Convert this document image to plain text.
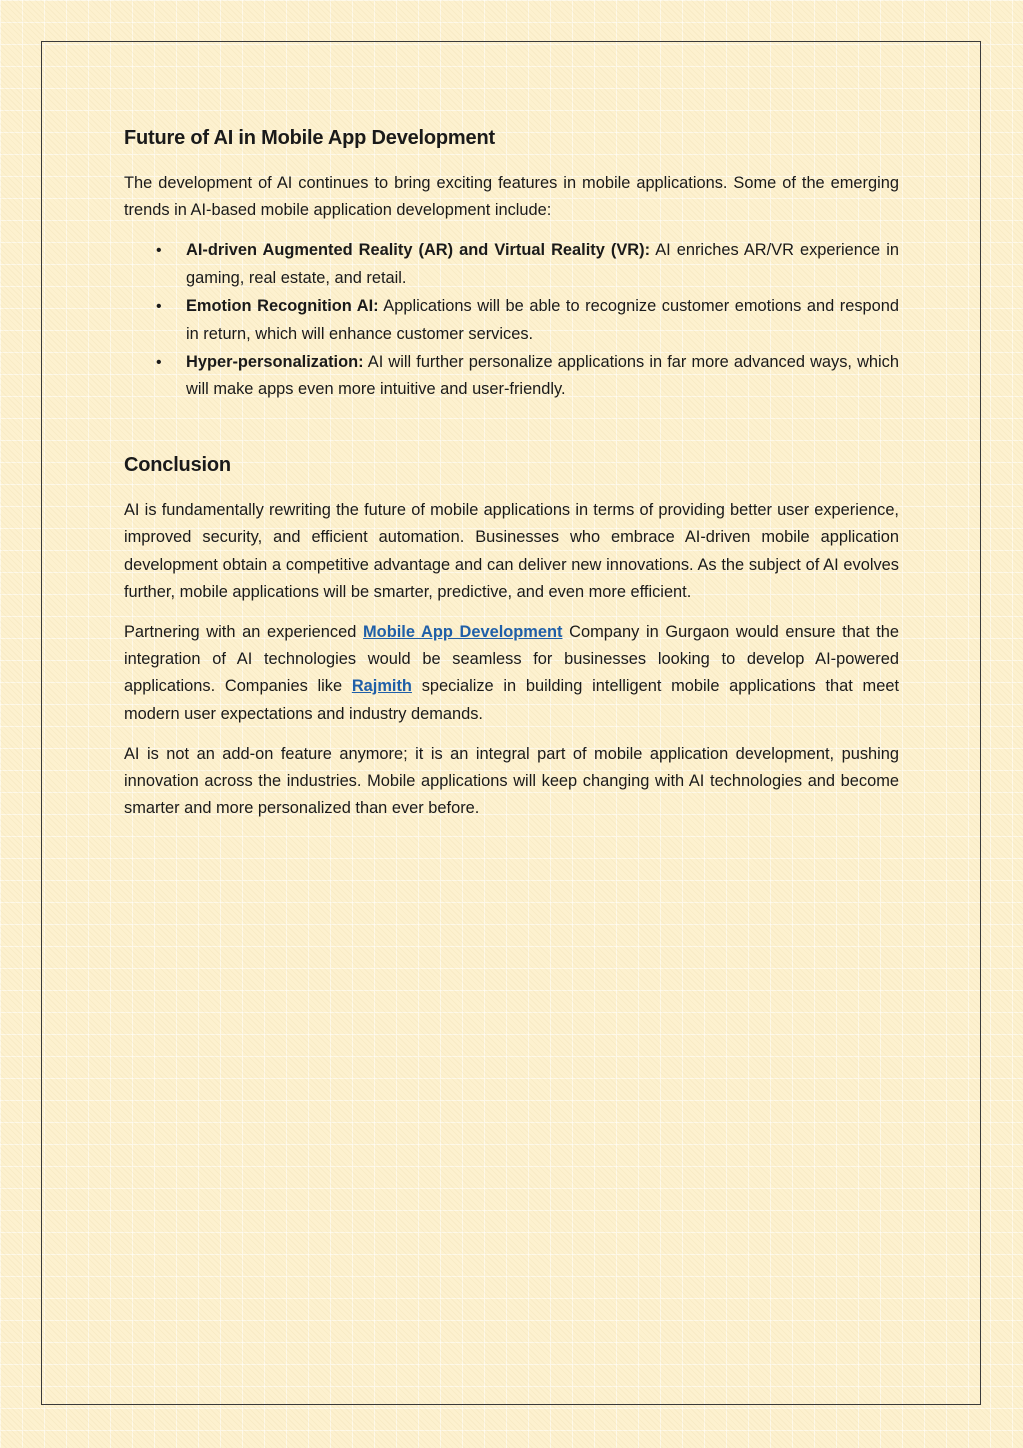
Future of AI in Mobile App Development

The development of AI continues to bring exciting features in mobile applications. Some of the emerging trends in AI-based mobile application development include:

• AI-driven Augmented Reality (AR) and Virtual Reality (VR): AI enriches AR/VR experience in gaming, real estate, and retail.
• Emotion Recognition AI: Applications will be able to recognize customer emotions and respond in return, which will enhance customer services.
• Hyper-personalization: AI will further personalize applications in far more advanced ways, which will make apps even more intuitive and user-friendly.
Conclusion

AI is fundamentally rewriting the future of mobile applications in terms of providing better user experience, improved security, and efficient automation. Businesses who embrace AI-driven mobile application development obtain a competitive advantage and can deliver new innovations. As the subject of AI evolves further, mobile applications will be smarter, predictive, and even more efficient.

Partnering with an experienced Mobile App Development Company in Gurgaon would ensure that the integration of AI technologies would be seamless for businesses looking to develop AI-powered applications. Companies like Rajmith specialize in building intelligent mobile applications that meet modern user expectations and industry demands.

AI is not an add-on feature anymore; it is an integral part of mobile application development, pushing innovation across the industries. Mobile applications will keep changing with AI technologies and become smarter and more personalized than ever before.
